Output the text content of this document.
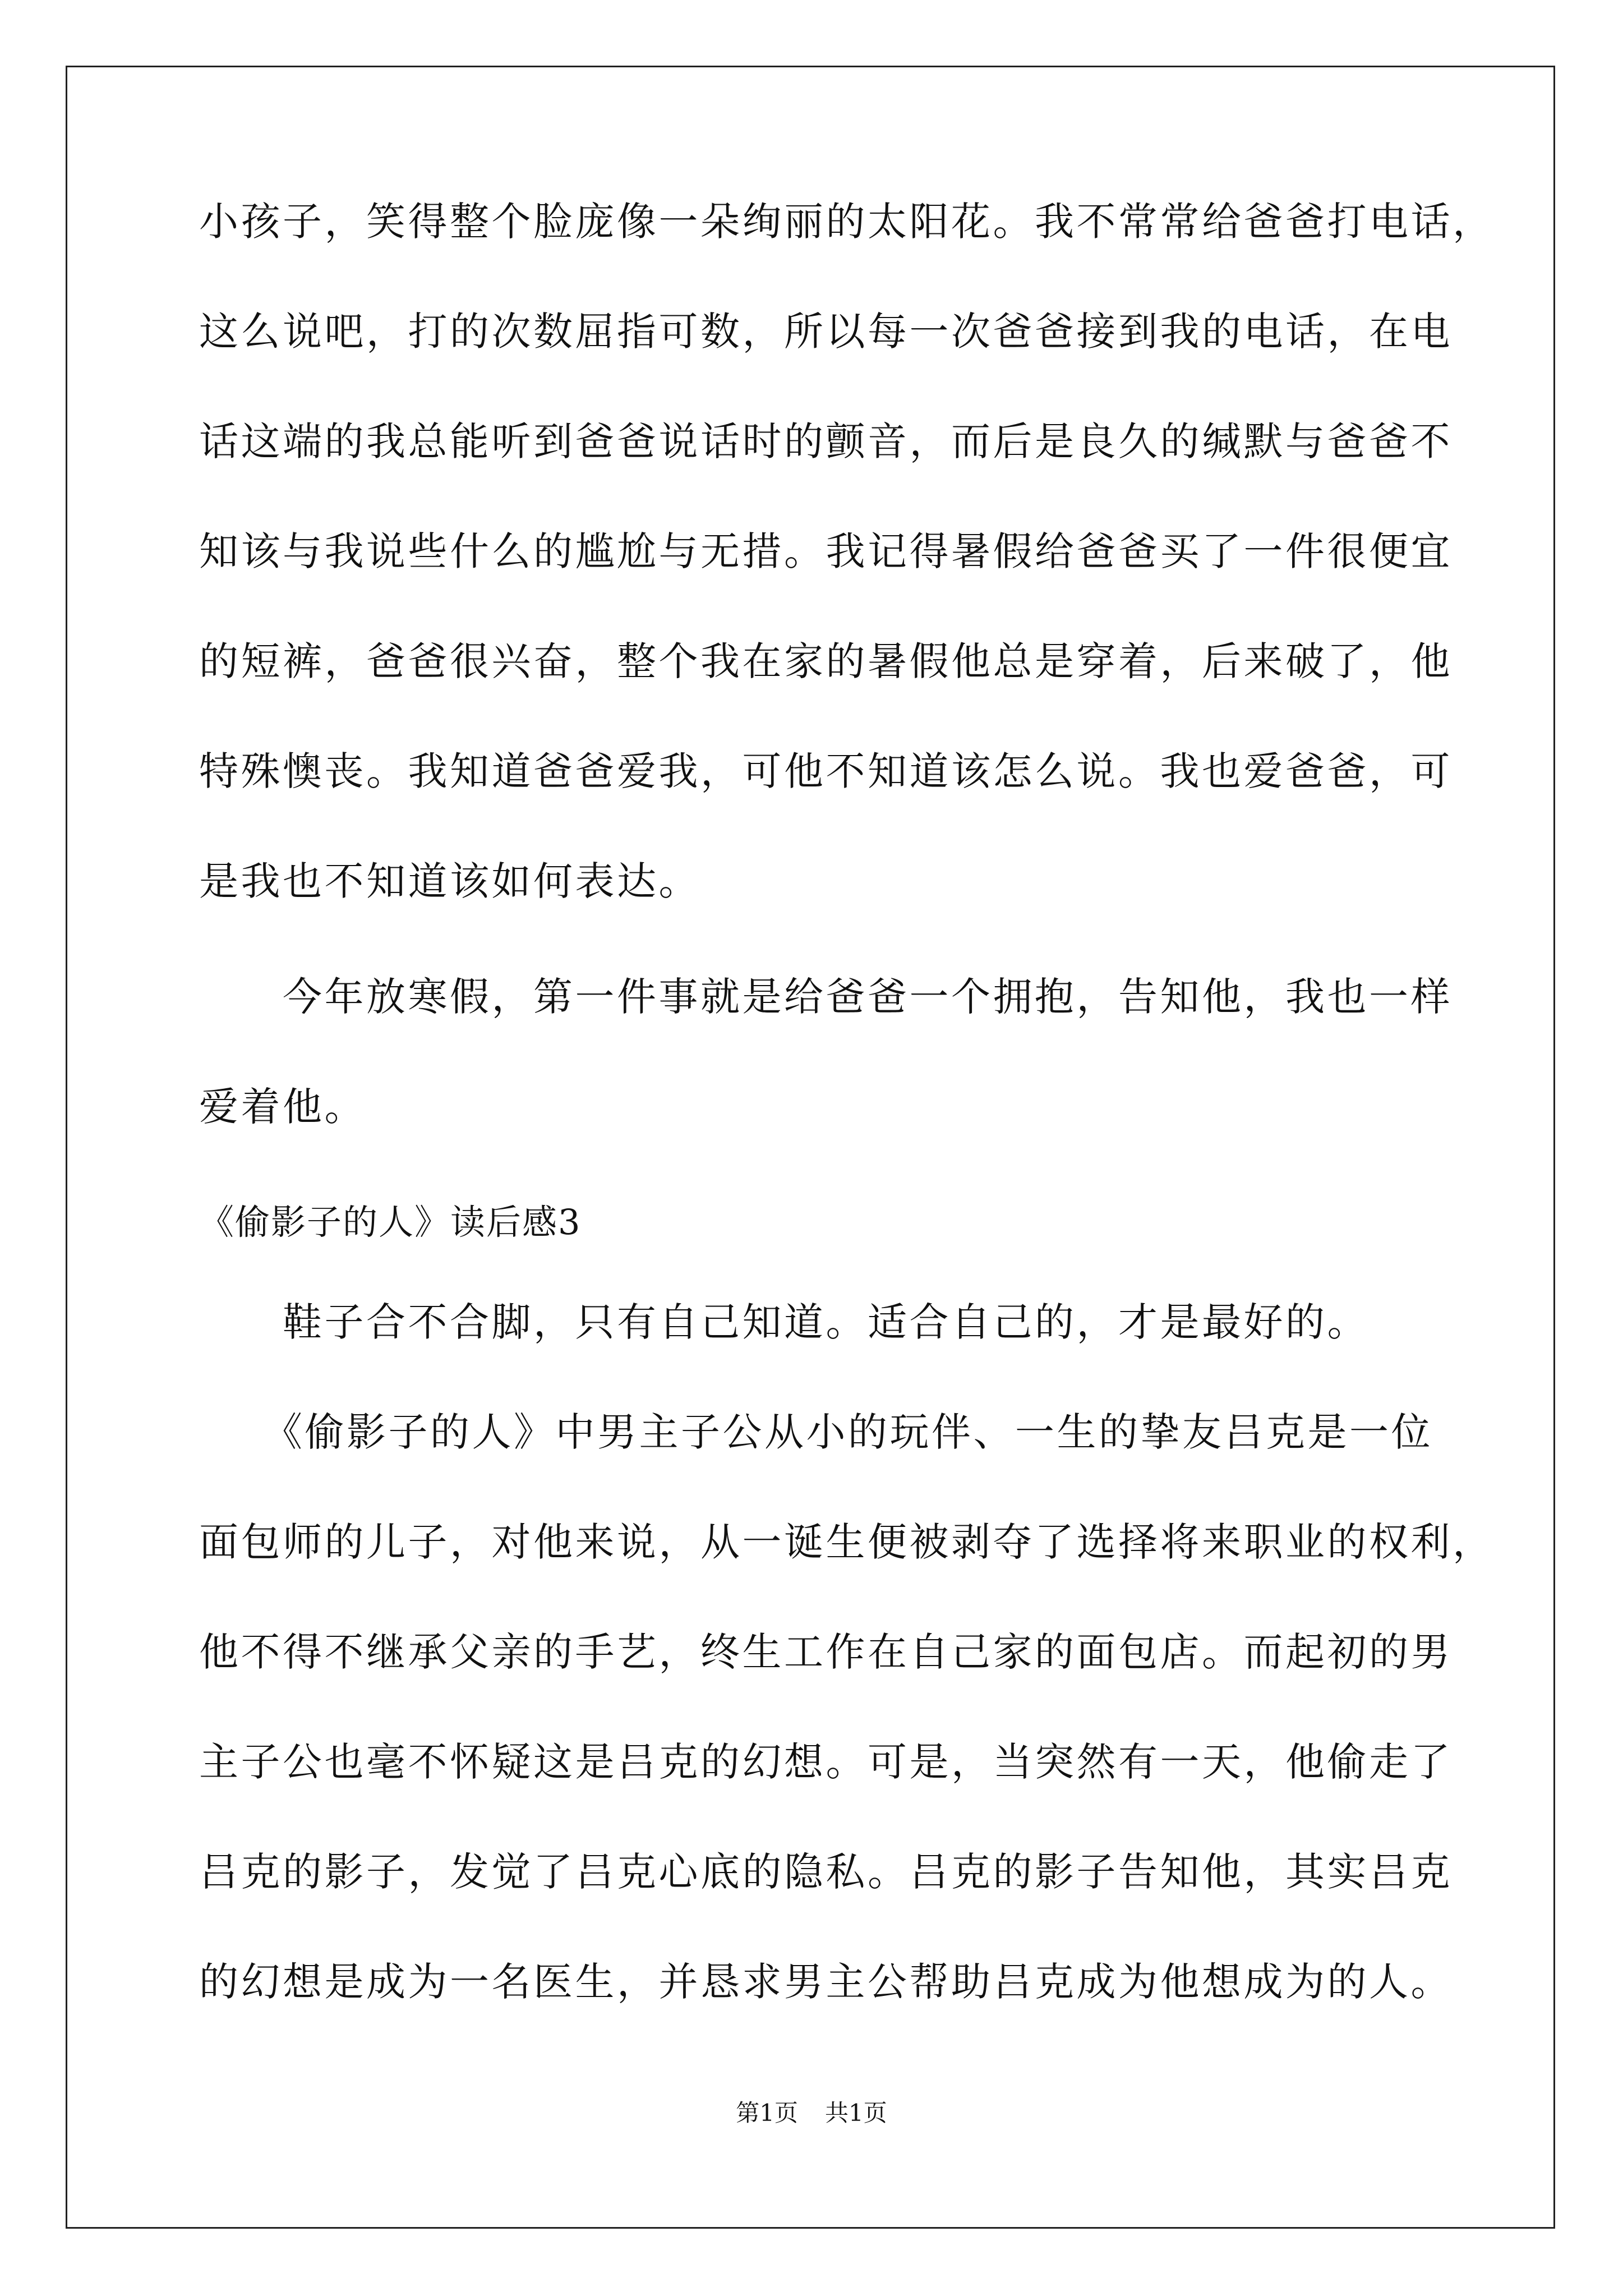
小孩子，笑得整个脸庞像一朵绚丽的太阳花。我不常常给爸爸打电话，
这么说吧，打的次数屈指可数，所以每一次爸爸接到我的电话，在电
话这端的我总能听到爸爸说话时的颤音，而后是良久的缄默与爸爸不
知该与我说些什么的尴尬与无措。我记得暑假给爸爸买了一件很便宜
的短裤，爸爸很兴奋，整个我在家的暑假他总是穿着，后来破了，他
特殊懊丧。我知道爸爸爱我，可他不知道该怎么说。我也爱爸爸，可
是我也不知道该如何表达。
　　今年放寒假，第一件事就是给爸爸一个拥抱，告知他，我也一样
爱着他。
《偷影子的人》读后感3
　　鞋子合不合脚，只有自己知道。适合自己的，才是最好的。
　　《偷影子的人》中男主子公从小的玩伴、一生的挚友吕克是一位
面包师的儿子，对他来说，从一诞生便被剥夺了选择将来职业的权利，
他不得不继承父亲的手艺，终生工作在自己家的面包店。而起初的男
主子公也毫不怀疑这是吕克的幻想。可是，当突然有一天，他偷走了
吕克的影子，发觉了吕克心底的隐私。吕克的影子告知他，其实吕克
的幻想是成为一名医生，并恳求男主公帮助吕克成为他想成为的人。
第1页 共1页
